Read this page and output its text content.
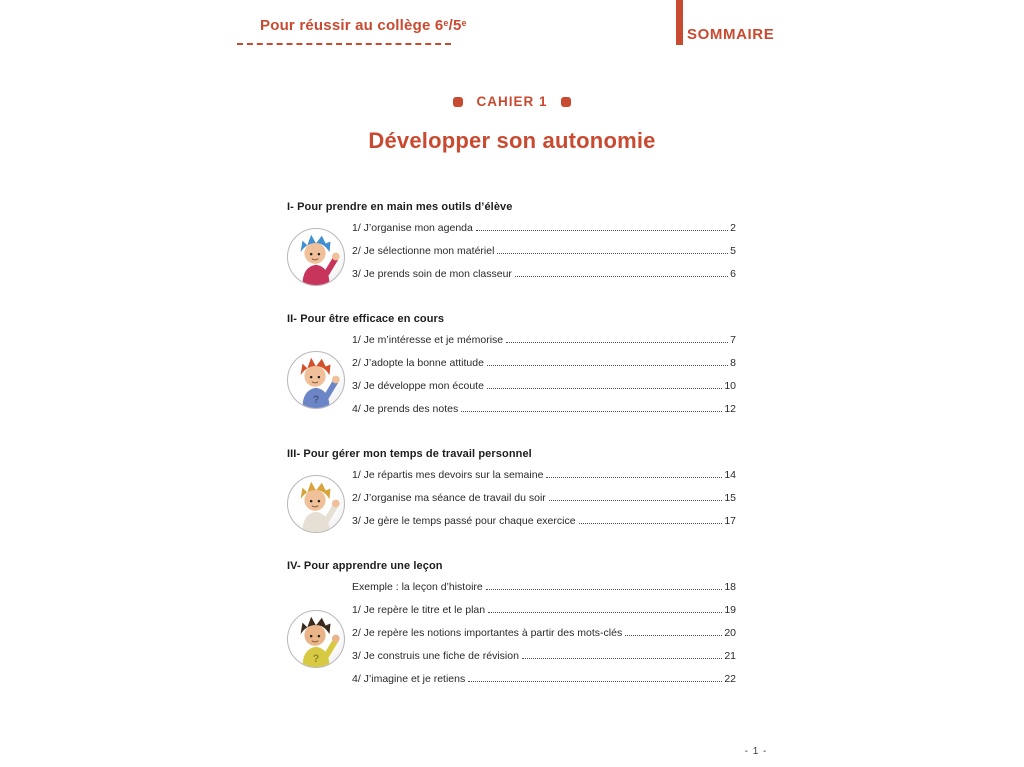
Pour réussir au collège 6e/5e
SOMMAIRE
CAHIER 1
Développer son autonomie
I- Pour prendre en main mes outils d’élève
1/ J’organise mon agenda	2
2/ Je sélectionne mon matériel	5
3/ Je prends soin de mon classeur	6
II- Pour être efficace en cours
?
1/ Je m’intéresse et je mémorise	7
2/ J’adopte la bonne attitude	8
3/ Je développe mon écoute	10
4/ Je prends des notes	12
III- Pour gérer mon temps de travail personnel
1/ Je répartis mes devoirs sur la semaine	14
2/ J’organise ma séance de travail du soir	15
3/ Je gère le temps passé pour chaque exercice	17
IV- Pour apprendre une leçon
?
Exemple : la leçon d’histoire	18
1/ Je repère le titre et le plan	19
2/ Je repère les notions importantes à partir des mots-clés	20
3/ Je construis une fiche de révision	21
4/ J’imagine et je retiens	22
- 1 -
